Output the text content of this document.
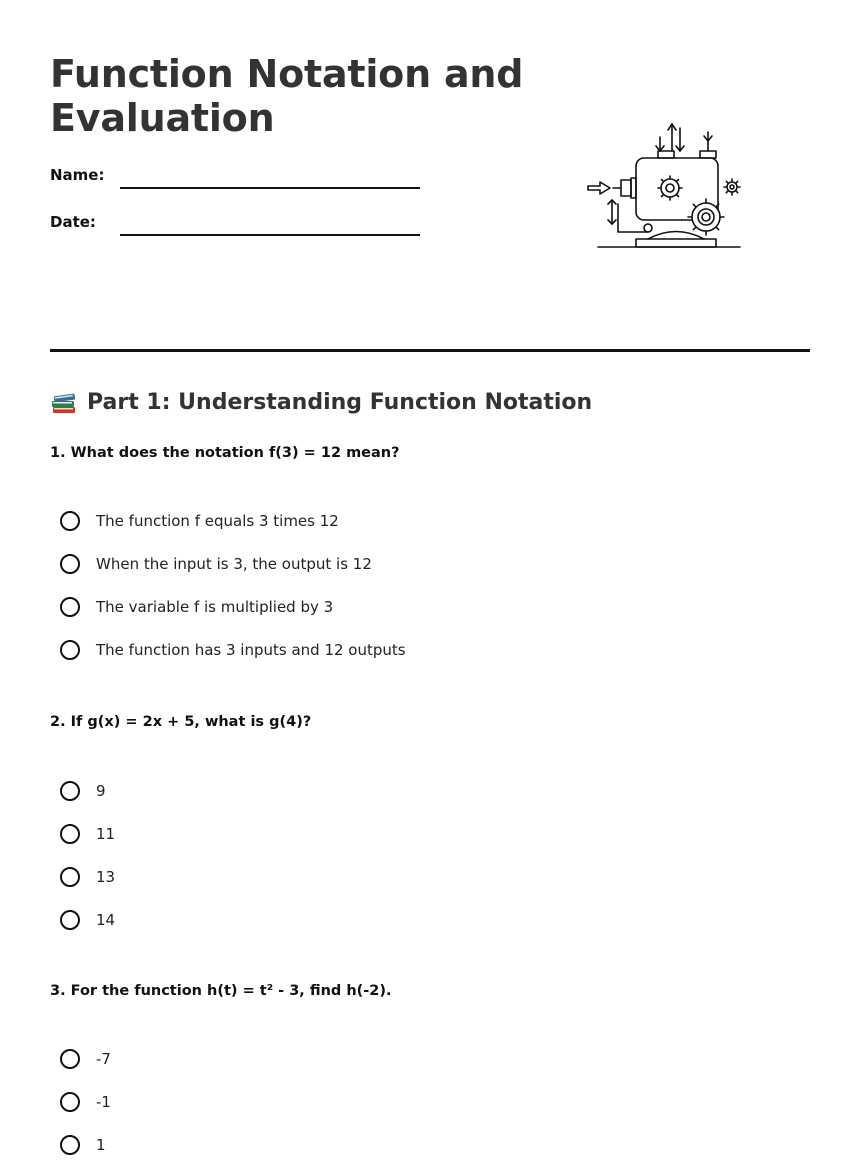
Function Notation and Evaluation
Name:
Date:
Part 1: Understanding Function Notation
1. What does the notation f(3) = 12 mean?
The function f equals 3 times 12
When the input is 3, the output is 12
The variable f is multiplied by 3
The function has 3 inputs and 12 outputs
2. If g(x) = 2x + 5, what is g(4)?
9
11
13
14
3. For the function h(t) = t² - 3, find h(-2).
-7
-1
1
